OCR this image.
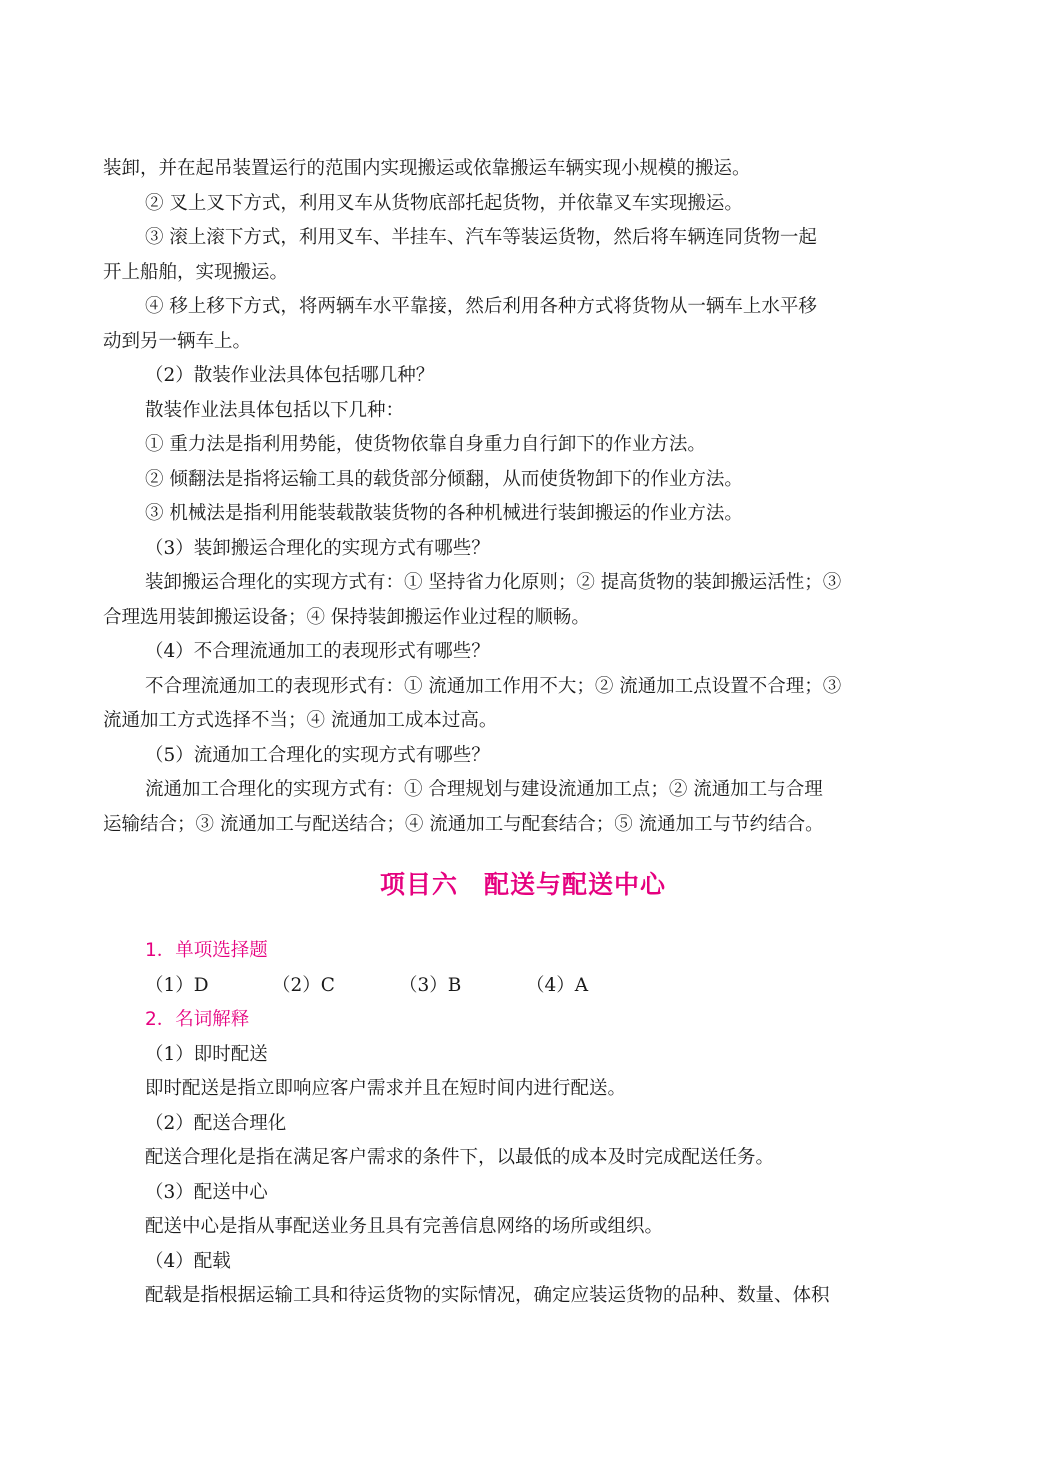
装卸，并在起吊装置运行的范围内实现搬运或依靠搬运车辆实现小规模的搬运。

② 叉上叉下方式，利用叉车从货物底部托起货物，并依靠叉车实现搬运。

③ 滚上滚下方式，利用叉车、半挂车、汽车等装运货物，然后将车辆连同货物一起

开上船舶，实现搬运。

④ 移上移下方式，将两辆车水平靠接，然后利用各种方式将货物从一辆车上水平移

动到另一辆车上。

（2）散装作业法具体包括哪几种？

散装作业法具体包括以下几种：

① 重力法是指利用势能，使货物依靠自身重力自行卸下的作业方法。

② 倾翻法是指将运输工具的载货部分倾翻，从而使货物卸下的作业方法。

③ 机械法是指利用能装载散装货物的各种机械进行装卸搬运的作业方法。

（3）装卸搬运合理化的实现方式有哪些？

装卸搬运合理化的实现方式有：① 坚持省力化原则；② 提高货物的装卸搬运活性；③

合理选用装卸搬运设备；④ 保持装卸搬运作业过程的顺畅。

（4）不合理流通加工的表现形式有哪些？

不合理流通加工的表现形式有：① 流通加工作用不大；② 流通加工点设置不合理；③

流通加工方式选择不当；④ 流通加工成本过高。

（5）流通加工合理化的实现方式有哪些？

流通加工合理化的实现方式有：① 合理规划与建设流通加工点；② 流通加工与合理

运输结合；③ 流通加工与配送结合；④ 流通加工与配套结合；⑤ 流通加工与节约结合。

项目六　配送与配送中心

1．单项选择题

（1）D	（2）C	（3）B	（4）A

2．名词解释

（1）即时配送

即时配送是指立即响应客户需求并且在短时间内进行配送。

（2）配送合理化

配送合理化是指在满足客户需求的条件下，以最低的成本及时完成配送任务。

（3）配送中心

配送中心是指从事配送业务且具有完善信息网络的场所或组织。

（4）配载

配载是指根据运输工具和待运货物的实际情况，确定应装运货物的品种、数量、体积
